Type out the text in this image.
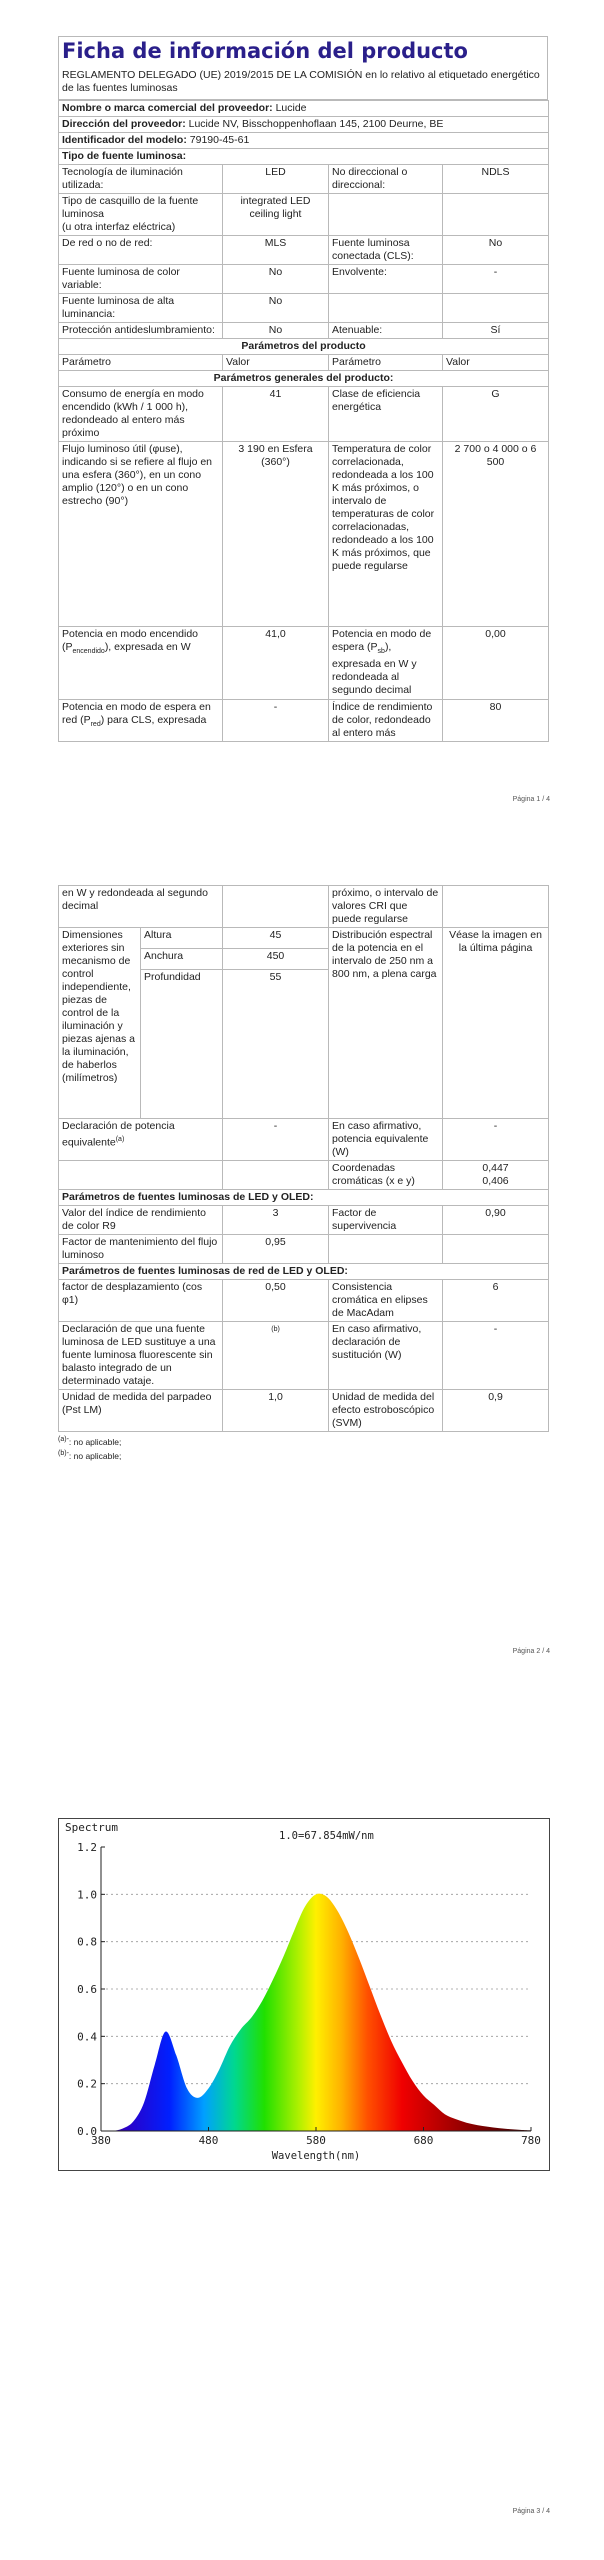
Ficha de información del producto
REGLAMENTO DELEGADO (UE) 2019/2015 DE LA COMISIÓN en lo relativo al etiquetado energético de las fuentes luminosas
Nombre o marca comercial del proveedor: Lucide			
Dirección del proveedor: Lucide NV, Bisschoppenhoflaan 145, 2100 Deurne, BE			
Identificador del modelo: 79190-45-61			
Tipo de fuente luminosa:			
Tecnología de iluminación utilizada:	LED	No direccional o direccional:	NDLS

Tipo de casquillo de la fuente luminosa
(u otra interfaz eléctrica)	integrated LED ceiling light		
De red o no de red:	MLS	Fuente luminosa conectada (CLS):	No
Fuente luminosa de color variable:	No	Envolvente:	-
Fuente luminosa de alta luminancia:	No		
Protección antideslumbramiento:	No	Atenuable:	Sí
Parámetros del producto			
Parámetro	Valor	Parámetro	Valor
Parámetros generales del producto:			
Consumo de energía en modo encendido (kWh / 1 000 h), redondeado al entero más próximo	41	Clase de eficiencia energética	G
Flujo luminoso útil (φuse), indicando si se refiere al flujo en una esfera (360°), en un cono amplio (120°) o en un cono estrecho (90°)	3 190 en Esfera (360°)	Temperatura de color correlacionada, redondeada a los 100 K más próximos, o intervalo de temperaturas de color correlacionadas, redondeado a los 100 K más próximos, que puede regularse	2 700 o 4 000 o 6 500
Potencia en modo encendido $(P_{encendido})$, expresada en W	41,0	Potencia en modo de espera $(P_{sb})$, expresada en W y redondeada al segundo decimal	0,00
Potencia en modo de espera en red $(P_{red})$ para CLS, expresada	-	Índice de rendimiento de color, redondeado al entero más	80
Página 1 / 4
en W y redondeada al segundo decimal			próximo, o intervalo de valores CRI que puede regularse	
Dimensiones exteriores sin mecanismo de control independiente, piezas de control de la iluminación y piezas ajenas a la iluminación, de haberlos (milímetros)	Altura	45	Distribución espectral de la potencia en el intervalo de 250 nm a 800 nm, a plena carga	Véase la imagen en la última página
	Anchura	450		
	Profundidad	55		
Declaración de potencia equivalente$^{(a)}$		-	En caso afirmativo, potencia equivalente (W)	-
			Coordenadas cromáticas (x e y)	0,447
0,406

Parámetros de fuentes luminosas de LED y OLED:				
Valor del índice de rendimiento de color R9		3	Factor de supervivencia	0,90
Factor de mantenimiento del flujo luminoso		0,95		
Parámetros de fuentes luminosas de red de LED y OLED:				
factor de desplazamiento (cos φ1)		0,50	Consistencia cromática en elipses de MacAdam	6
Declaración de que una fuente luminosa de LED sustituye a una fuente luminosa fluorescente sin balasto integrado de un determinado vataje.		$^{(b)}$	En caso afirmativo, declaración de sustitución (W)	-
Unidad de medida del parpadeo (Pst LM)		1,0	Unidad de medida del efecto estroboscópico (SVM)	0,9
$^{(a)-}$: no aplicable;
$^{(b)-}$: no aplicable;
Página 2 / 4
0.0
0.2
0.4
0.6
0.8
1.0
1.2
380	480	580	680	780
Spectrum
1.0=67.854mW/nm
Wavelength(nm)
Página 3 / 4
